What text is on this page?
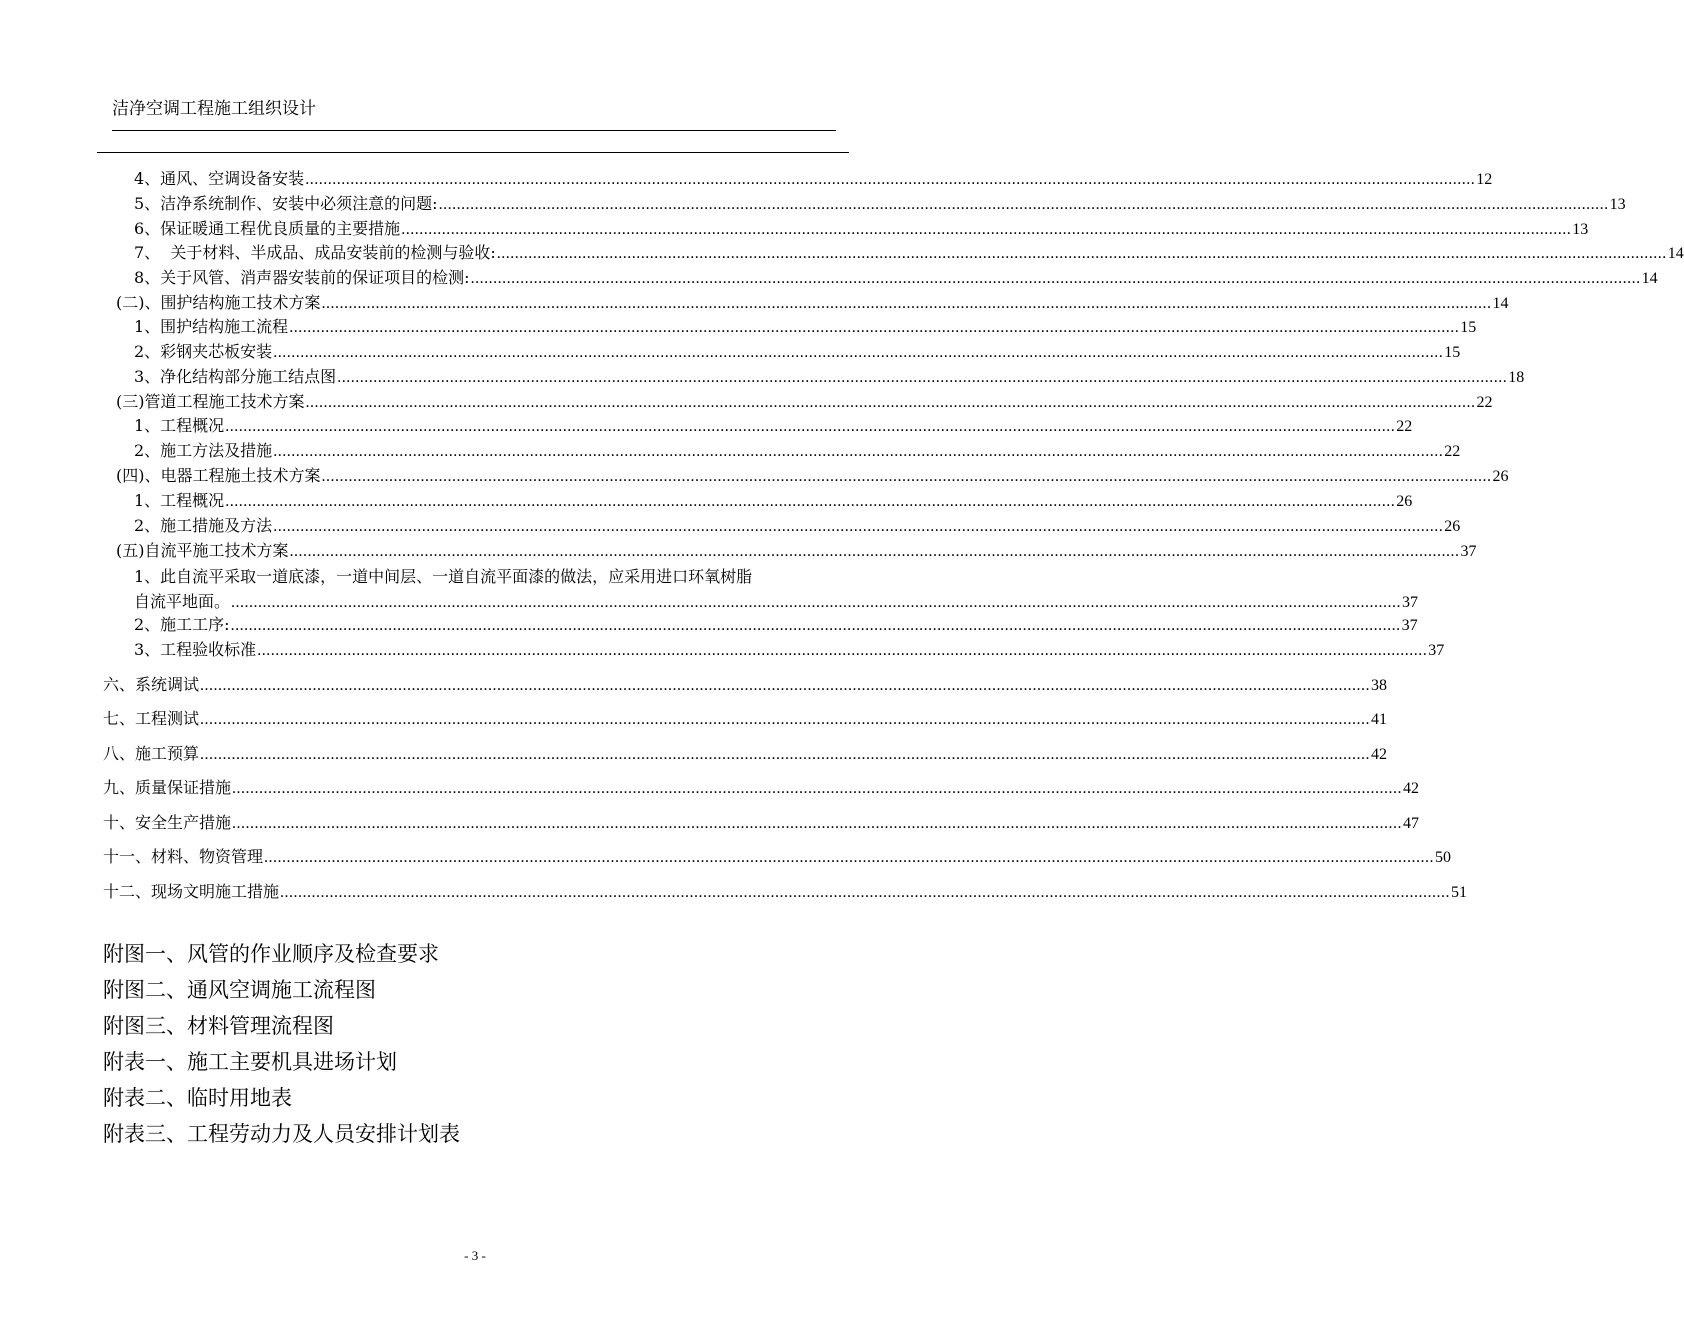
洁净空调工程施工组织设计
4、通风、空调设备安装 .................................................................................................................................................................................................................................................................... 12
5、洁净系统制作、安装中必须注意的问题: .................................................................................................................................................................................................................................................................... 13
6、保证暖通工程优良质量的主要措施 .................................................................................................................................................................................................................................................................... 13
7、  关于材料、半成品、成品安装前的检测与验收: .................................................................................................................................................................................................................................................................... 14
8、关于风管、消声器安装前的保证项目的检测: .................................................................................................................................................................................................................................................................... 14
(二)、围护结构施工技术方案 .................................................................................................................................................................................................................................................................... 14
1、围护结构施工流程 .................................................................................................................................................................................................................................................................... 15
2、彩钢夹芯板安装 .................................................................................................................................................................................................................................................................... 15
3、净化结构部分施工结点图 .................................................................................................................................................................................................................................................................... 18
(三)管道工程施工技术方案 .................................................................................................................................................................................................................................................................... 22
1、工程概况 .................................................................................................................................................................................................................................................................... 22
2、施工方法及措施 .................................................................................................................................................................................................................................................................... 22
(四)、电器工程施土技术方案 .................................................................................................................................................................................................................................................................... 26
1、工程概况 .................................................................................................................................................................................................................................................................... 26
2、施工措施及方法 .................................................................................................................................................................................................................................................................... 26
(五)自流平施工技术方案 .................................................................................................................................................................................................................................................................... 37
1、此自流平采取一道底漆，一道中间层、一道自流平面漆的做法，应采用进口环氧树脂
自流平地面。 .................................................................................................................................................................................................................................................................... 37
2、施工工序: .................................................................................................................................................................................................................................................................... 37
3、工程验收标准 .................................................................................................................................................................................................................................................................... 37
六、系统调试 .................................................................................................................................................................................................................................................................... 38
七、工程测试 .................................................................................................................................................................................................................................................................... 41
八、施工预算 .................................................................................................................................................................................................................................................................... 42
九、质量保证措施 .................................................................................................................................................................................................................................................................... 42
十、安全生产措施 .................................................................................................................................................................................................................................................................... 47
十一、材料、物资管理 .................................................................................................................................................................................................................................................................... 50
十二、现场文明施工措施 .................................................................................................................................................................................................................................................................... 51
附图一、风管的作业顺序及检查要求
附图二、通风空调施工流程图
附图三、材料管理流程图
附表一、施工主要机具进场计划
附表二、临时用地表
附表三、工程劳动力及人员安排计划表
- 3 -
